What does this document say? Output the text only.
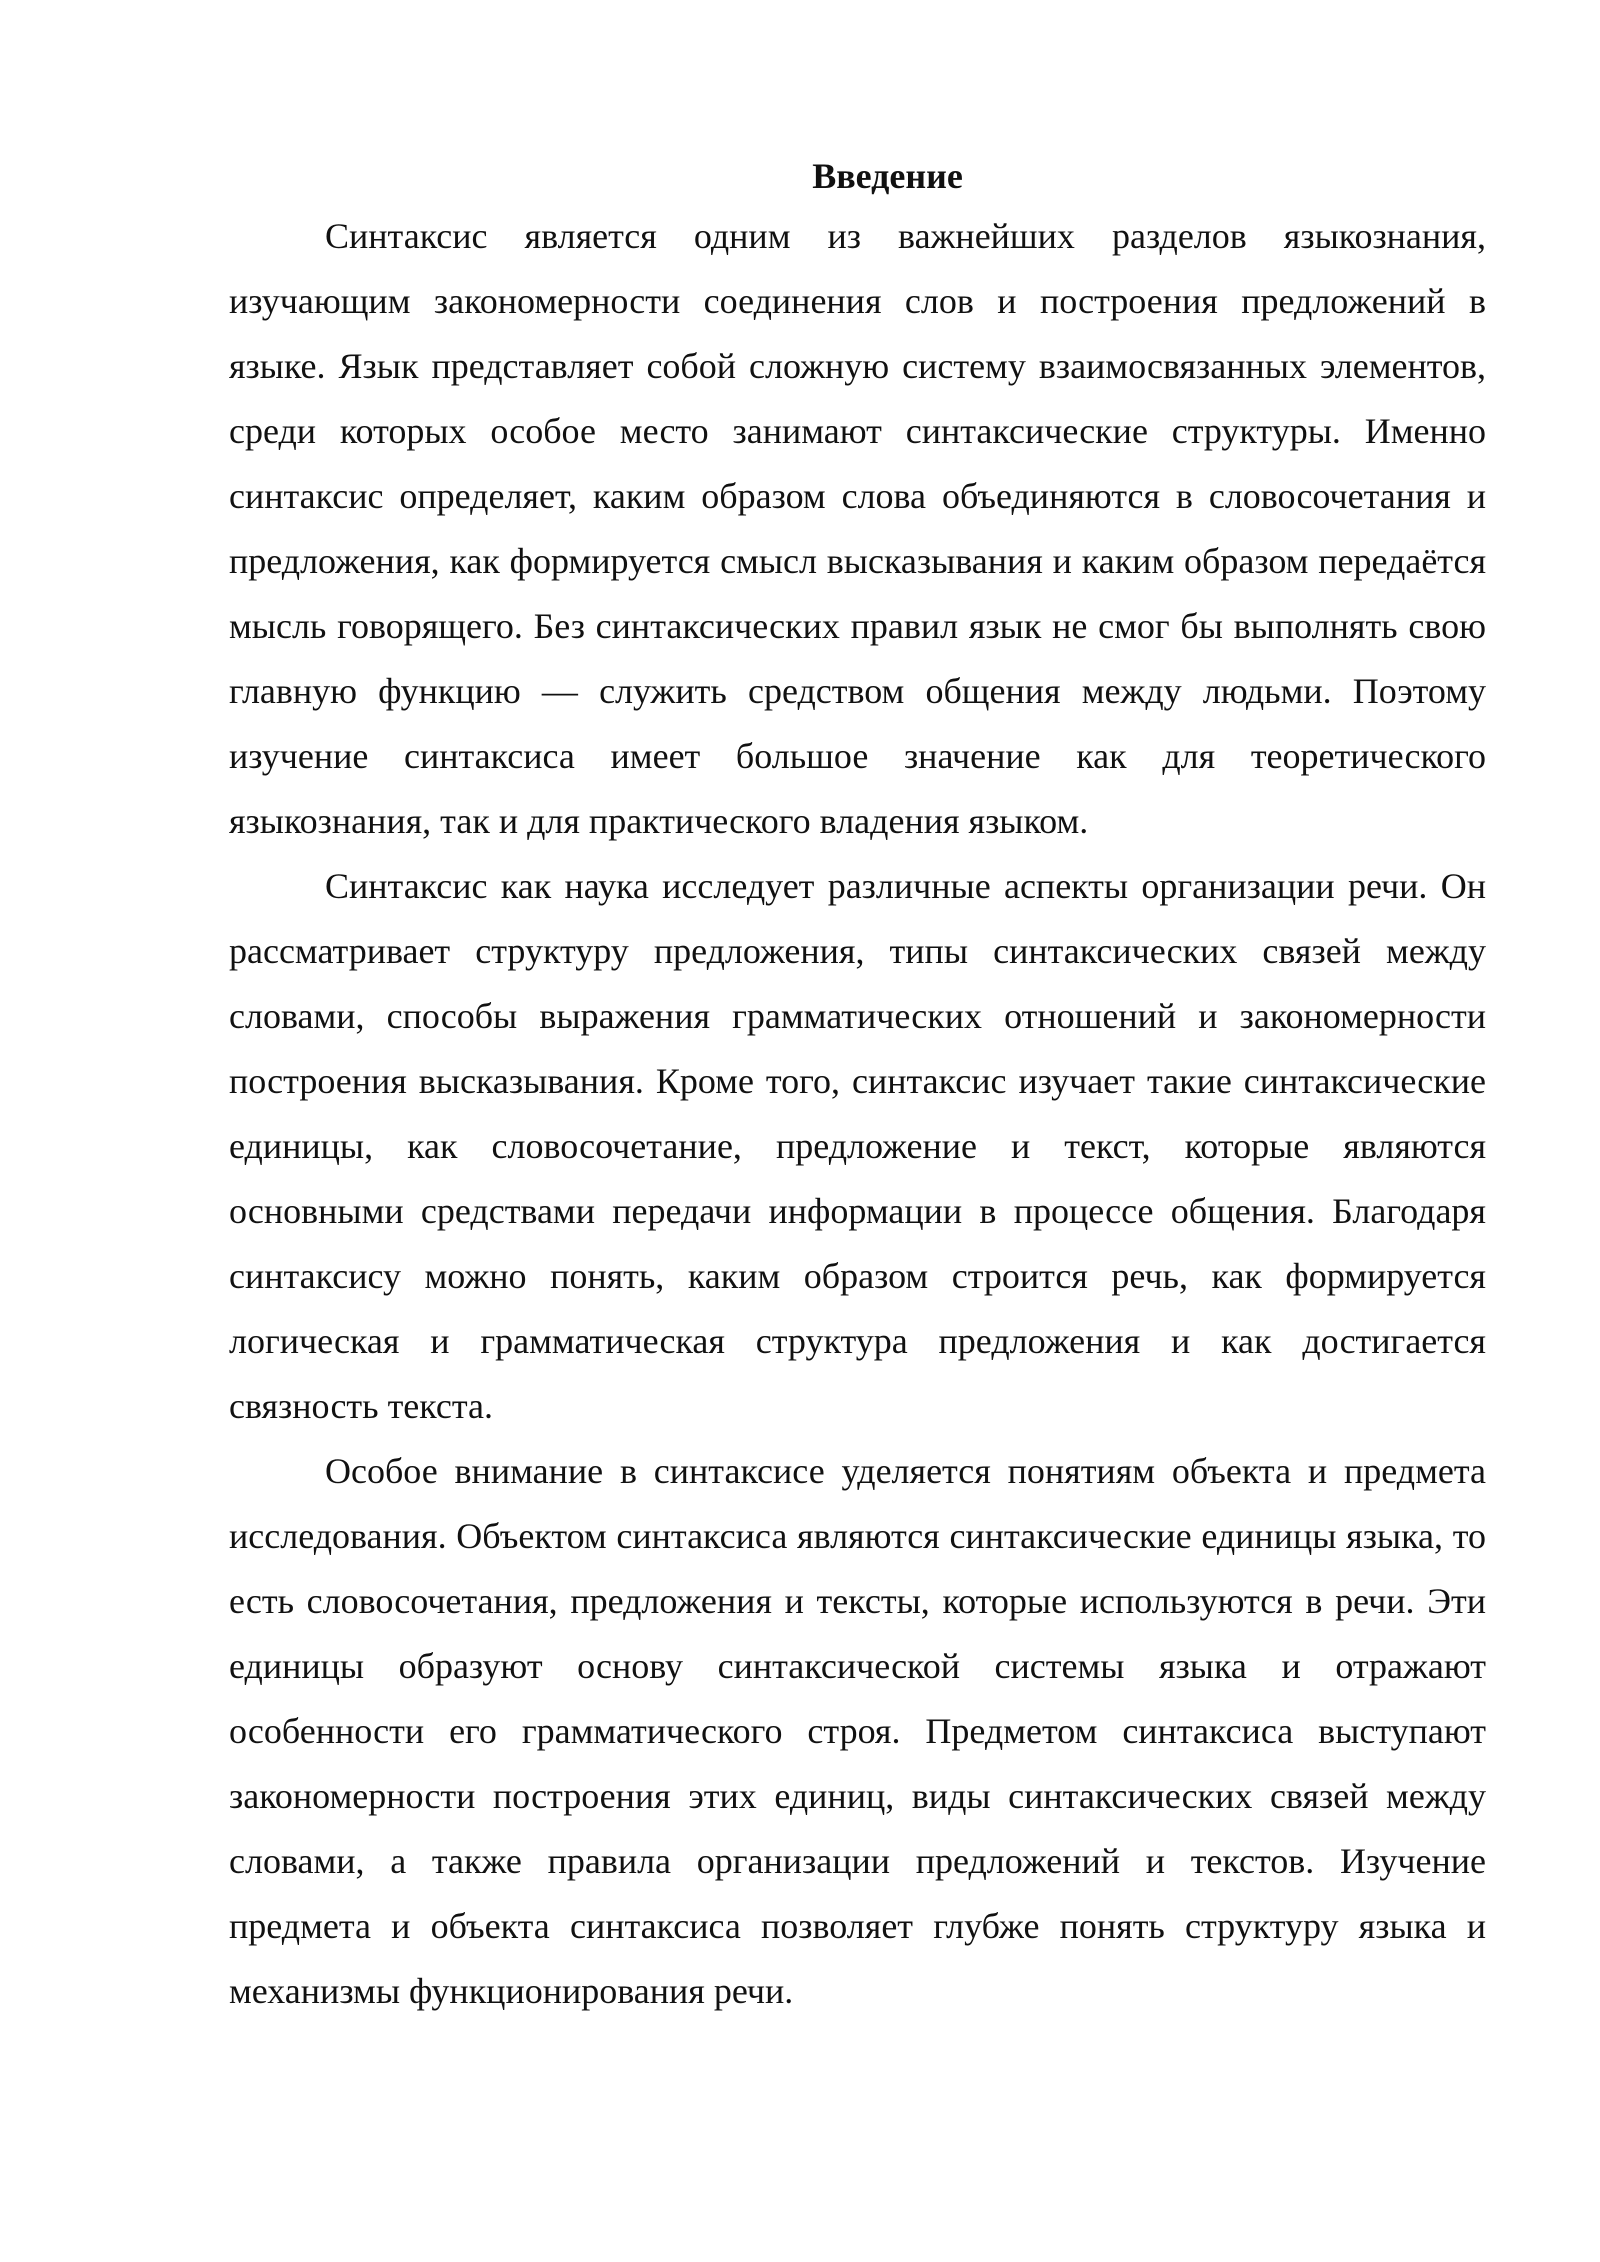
Введение

Синтаксис является одним из важнейших разделов языкознания, изучающим закономерности соединения слов и построения предложений в языке. Язык представляет собой сложную систему взаимосвязанных элементов, среди которых особое место занимают синтаксические структуры. Именно синтаксис определяет, каким образом слова объединяются в словосочетания и предложения, как формируется смысл высказывания и каким образом передаётся мысль говорящего. Без синтаксических правил язык не смог бы выполнять свою главную функцию — служить средством общения между людьми. Поэтому изучение синтаксиса имеет большое значение как для теоретического языкознания, так и для практического владения языком.

Синтаксис как наука исследует различные аспекты организации речи. Он рассматривает структуру предложения, типы синтаксических связей между словами, способы выражения грамматических отношений и закономерности построения высказывания. Кроме того, синтаксис изучает такие синтаксические единицы, как словосочетание, предложение и текст, которые являются основными средствами передачи информации в процессе общения. Благодаря синтаксису можно понять, каким образом строится речь, как формируется логическая и грамматическая структура предложения и как достигается связность текста.

Особое внимание в синтаксисе уделяется понятиям объекта и предмета исследования. Объектом синтаксиса являются синтаксические единицы языка, то есть словосочетания, предложения и тексты, которые используются в речи. Эти единицы образуют основу синтаксической системы языка и отражают особенности его грамматического строя. Предметом синтаксиса выступают закономерности построения этих единиц, виды синтаксических связей между словами, а также правила организации предложений и текстов. Изучение предмета и объекта синтаксиса позволяет глубже понять структуру языка и механизмы функционирования речи.
